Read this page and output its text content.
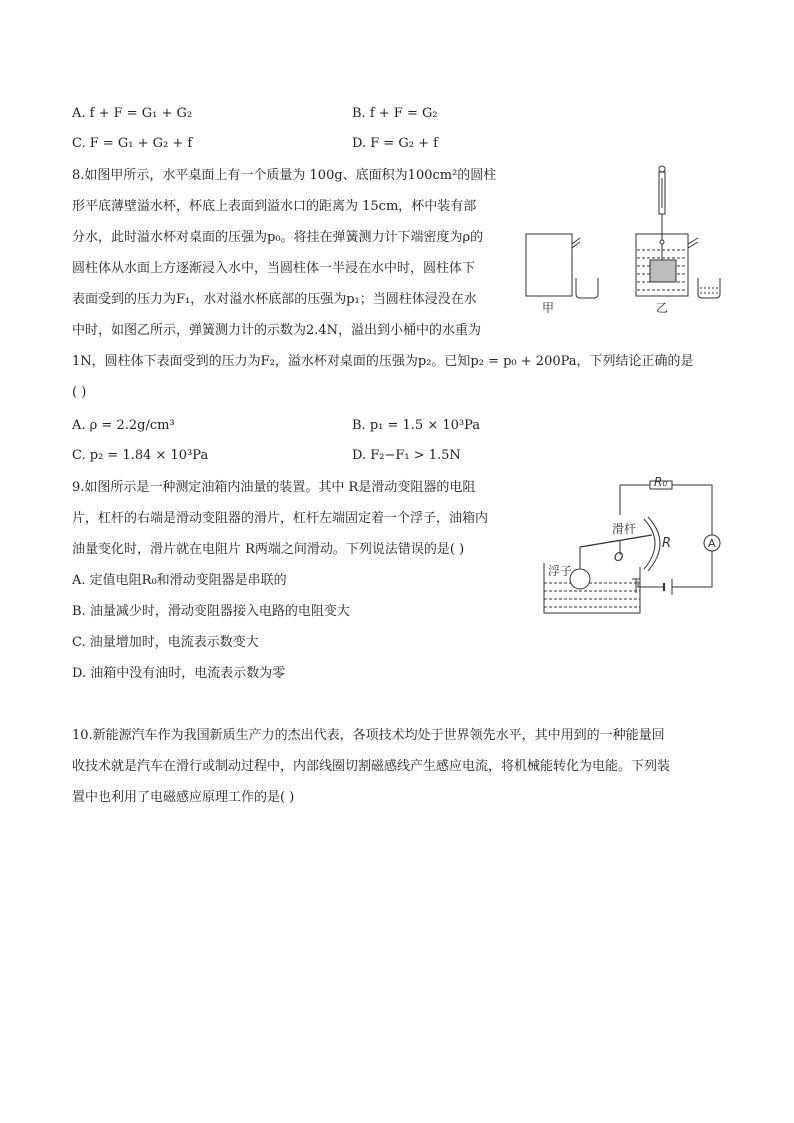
A. f + F = G₁ + G₂	B. f + F = G₂
C. F = G₁ + G₂ + f	D. F = G₂ + f
8.如图甲所示，水平桌面上有一个质量为 100g、底面积为100cm²的圆柱
形平底薄壁溢水杯，杯底上表面到溢水口的距离为 15cm，杯中装有部
分水，此时溢水杯对桌面的压强为p₀。将挂在弹簧测力计下端密度为ρ的
圆柱体从水面上方逐渐浸入水中，当圆柱体一半浸在水中时，圆柱体下
表面受到的压力为F₁，水对溢水杯底部的压强为p₁；当圆柱体浸没在水
中时，如图乙所示，弹簧测力计的示数为2.4N，溢出到小桶中的水重为
1N，圆柱体下表面受到的压力为F₂，溢水杯对桌面的压强为p₂。已知p₂ = p₀ + 200Pa，下列结论正确的是
( )
A. ρ = 2.2g/cm³	B. p₁ = 1.5 × 10³Pa
C. p₂ = 1.84 × 10³Pa	D. F₂−F₁ > 1.5N
甲	乙
9.如图所示是一种测定油箱内油量的装置。其中 R是滑动变阻器的电阻
片，杠杆的右端是滑动变阻器的滑片，杠杆左端固定着一个浮子，油箱内
油量变化时，滑片就在电阻片 R两端之间滑动。下列说法错误的是( )
A. 定值电阻R₀和滑动变阻器是串联的
B. 油量减少时，滑动变阻器接入电路的电阻变大
C. 油量增加时，电流表示数变大
D. 油箱中没有油时，电流表示数为零
R₀
滑杆
R
O
A
浮子
10.新能源汽车作为我国新质生产力的杰出代表，各项技术均处于世界领先水平，其中用到的一种能量回
收技术就是汽车在滑行或制动过程中，内部线圈切割磁感线产生感应电流，将机械能转化为电能。下列装
置中也利用了电磁感应原理工作的是( )
